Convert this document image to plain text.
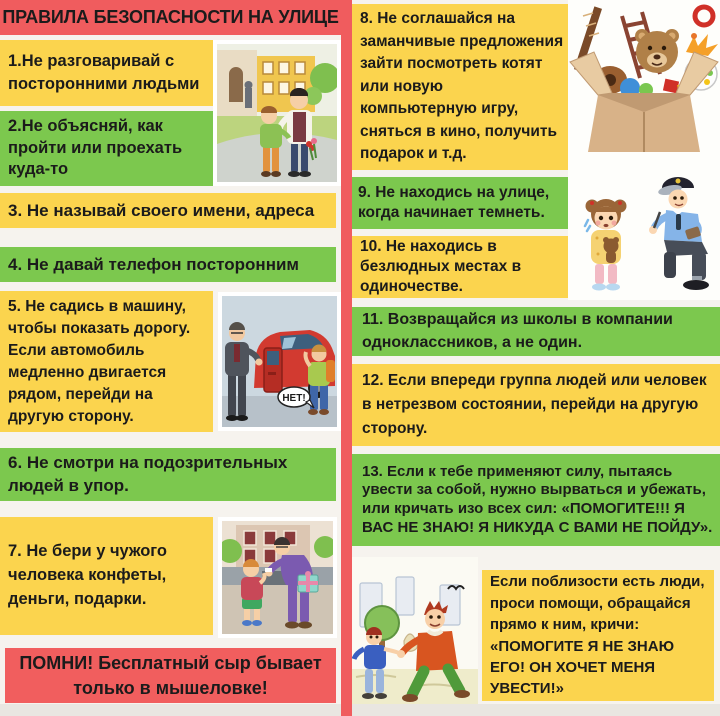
ПРАВИЛА БЕЗОПАСНОСТИ НА УЛИЦЕ
1.Не разговаривай с посторонними людьми
2.Не объясняй, как пройти или проехать куда-то
3. Не называй своего имени, адреса
4. Не давай телефон посторонним
5. Не садись в машину, чтобы показать дорогу. Если автомобиль медленно двигается рядом, перейди на другую сторону.
НЕТ!
6. Не смотри на подозрительных людей в упор.
7. Не бери у чужого человека конфеты, деньги, подарки.
ПОМНИ! Бесплатный сыр бывает только в мышеловке!
8. Не соглашайся на заманчивые предложения зайти посмотреть котят или новую компьютерную игру, сняться в кино, получить подарок и т.д.
9. Не находись на улице, когда начинает темнеть.
10. Не находись в безлюдных местах в одиночестве.
11. Возвращайся из школы в компании одноклассников, а не один.
12. Если впереди группа людей или человек в нетрезвом состоянии, перейди на другую сторону.
13. Если к тебе применяют силу, пытаясь увести за собой, нужно вырваться и убежать, или кричать изо всех сил: «ПОМОГИТЕ!!! Я ВАС НЕ ЗНАЮ! Я НИКУДА С ВАМИ НЕ ПОЙДУ».
Если поблизости есть люди, проси помощи, обращайся прямо к ним, кричи: «ПОМОГИТЕ Я НЕ ЗНАЮ ЕГО! ОН ХОЧЕТ МЕНЯ УВЕСТИ!»
